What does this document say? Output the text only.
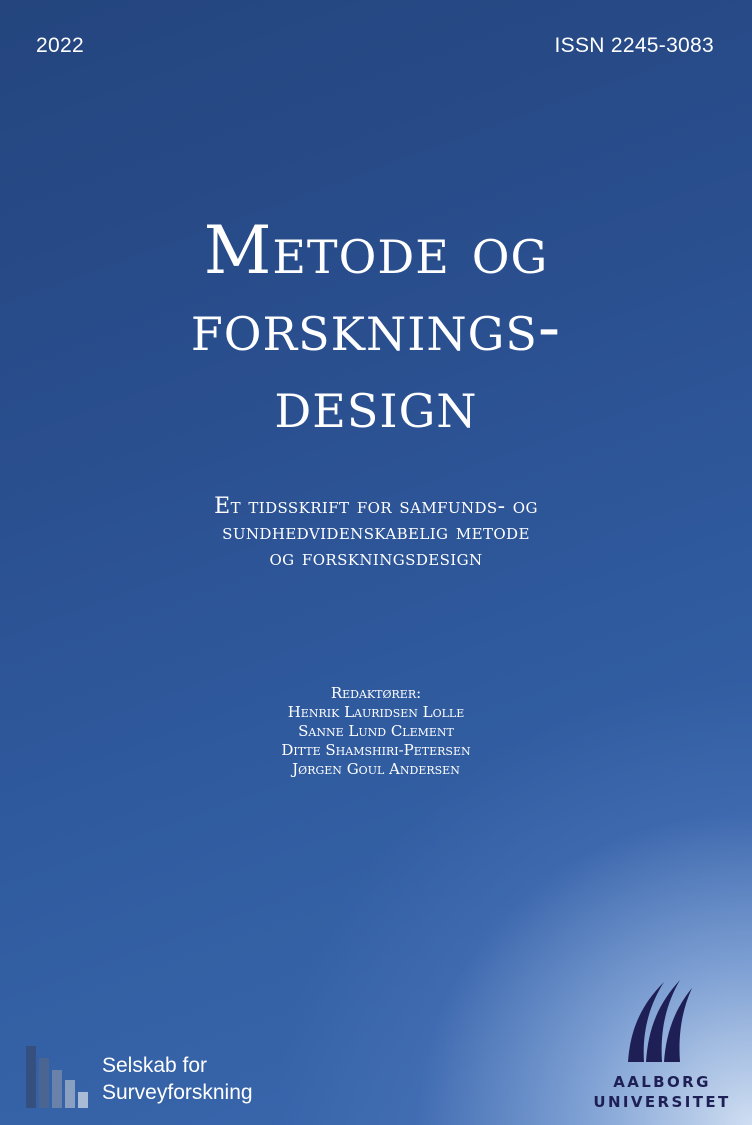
2022	ISSN 2245-3083
Metode og
forsknings-
design
Et tidsskrift for samfunds- og
sundhedvidenskabelig metode
og forskningsdesign
Redaktører:
Henrik Lauridsen Lolle
Sanne Lund Clement
Ditte Shamshiri-Petersen
Jørgen Goul Andersen
Selskab for
Surveyforskning	AALBORG
UNIVERSITET
